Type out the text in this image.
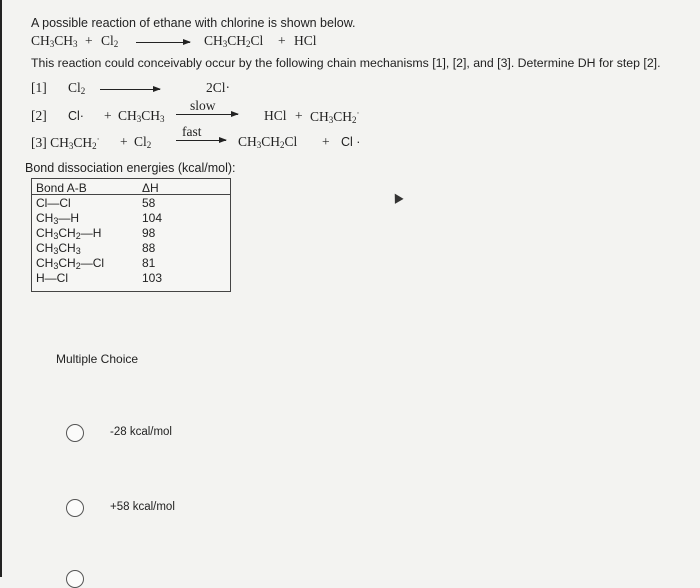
A possible reaction of ethane with chlorine is shown below.
$CH_3CH_3 + Cl_2 \to CH_3CH_2Cl$ + HCl
This reaction could conceivably occur by the following chain mechanisms [1], [2], and [3]. Determine DH for step [2].
[1] $Cl_2$	2Cl·
[2] $Cl\cdot + CH_3CH_3$
slow
HCl + $CH_3CH_2^\cdot$
[3] $CH_3CH_2^\cdot + Cl_2$
fast
$CH_3CH_2Cl + Cl$ ·
Bond dissociation energies (kcal/mol):
Bond A-B	ΔH
Cl—Cl	58
$CH_3—H$	104
$CH_3CH_2—H$	98
$CH_3CH_3$	88
$CH_3CH_2—Cl$	81
H—Cl	103
Multiple Choice
-28 kcal/mol
+58 kcal/mol
